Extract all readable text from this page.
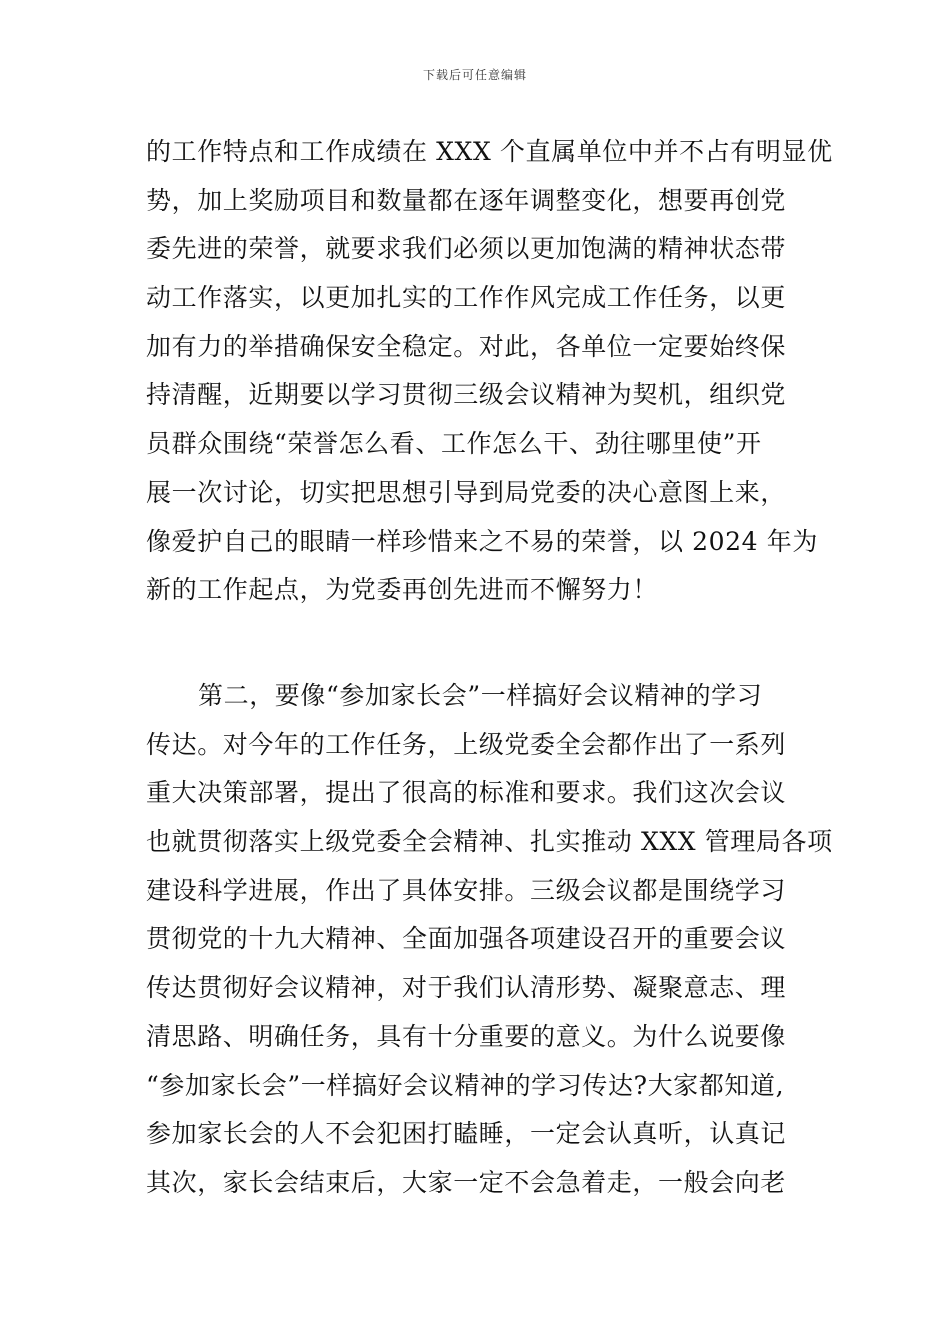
下载后可任意编辑
的工作特点和工作成绩在 XXX 个直属单位中并不占有明显优
势，加上奖励项目和数量都在逐年调整变化，想要再创党
委先进的荣誉，就要求我们必须以更加饱满的精神状态带
动工作落实，以更加扎实的工作作风完成工作任务，以更
加有力的举措确保安全稳定。对此，各单位一定要始终保
持清醒，近期要以学习贯彻三级会议精神为契机，组织党
员群众围绕“荣誉怎么看、工作怎么干、劲往哪里使”开
展一次讨论，切实把思想引导到局党委的决心意图上来，
像爱护自己的眼睛一样珍惜来之不易的荣誉，以 2024 年为
新的工作起点，为党委再创先进而不懈努力！
第二，要像“参加家长会”一样搞好会议精神的学习
传达。对今年的工作任务，上级党委全会都作出了一系列
重大决策部署，提出了很高的标准和要求。我们这次会议
也就贯彻落实上级党委全会精神、扎实推动 XXX 管理局各项
建设科学进展，作出了具体安排。三级会议都是围绕学习
贯彻党的十九大精神、全面加强各项建设召开的重要会议
传达贯彻好会议精神，对于我们认清形势、凝聚意志、理
清思路、明确任务，具有十分重要的意义。为什么说要像
“参加家长会”一样搞好会议精神的学习传达?大家都知道,
参加家长会的人不会犯困打瞌睡，一定会认真听，认真记
其次，家长会结束后，大家一定不会急着走，一般会向老
